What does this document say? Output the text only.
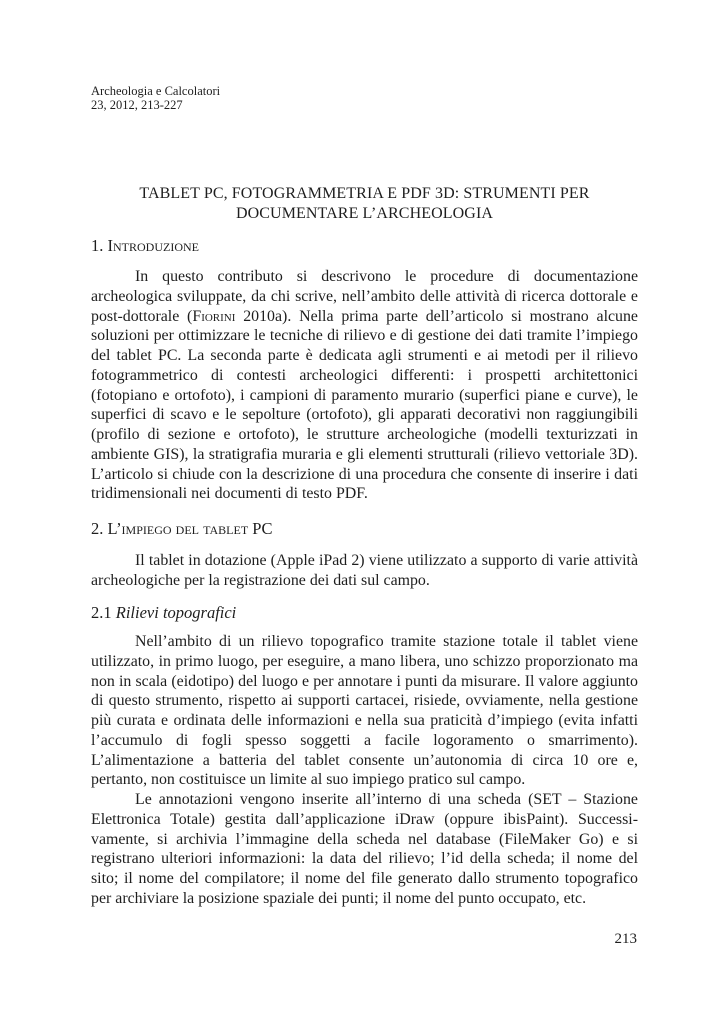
Archeologia e Calcolatori
23, 2012, 213-227
TABLET PC, FOTOGRAMMETRIA E PDF 3D: STRUMENTI PER DOCUMENTARE L’ARCHEOLOGIA
1. Introduzione

In questo contributo si descrivono le procedure di documentazione archeologica sviluppate, da chi scrive, nell’ambito delle attività di ricerca dottorale e post-dottorale (Fiorini 2010a). Nella prima parte dell’articolo si mostrano alcune soluzioni per ottimizzare le tecniche di rilievo e di gestione dei dati tramite l’impiego del tablet PC. La seconda parte è dedicata agli strumenti e ai metodi per il rilievo fotogrammetrico di contesti archeologici differenti: i prospetti architettonici (fotopiano e ortofoto), i campioni di paramento murario (superfici piane e curve), le superfici di scavo e le sepolture (ortofoto), gli apparati decorativi non raggiungibili (profilo di sezione e ortofoto), le strutture archeologiche (modelli texturizzati in ambiente GIS), la stratigrafia muraria e gli elementi strutturali (rilievo vettoriale 3D). L’articolo si chiude con la descrizione di una procedura che consente di inserire i dati tridimensionali nei documenti di testo PDF.

2. L’impiego del tablet PC

Il tablet in dotazione (Apple iPad 2) viene utilizzato a supporto di varie attività archeologiche per la registrazione dei dati sul campo.

2.1 Rilievi topografici

Nell’ambito di un rilievo topografico tramite stazione totale il tablet viene utilizzato, in primo luogo, per eseguire, a mano libera, uno schizzo proporzionato ma non in scala (eidotipo) del luogo e per annotare i punti da misurare. Il valore aggiunto di questo strumento, rispetto ai supporti cartacei, risiede, ovviamente, nella gestione più curata e ordinata delle informazioni e nella sua praticità d’impiego (evita infatti l’accumulo di fogli spesso soggetti a facile logoramento o smarrimento). L’alimentazione a batteria del tablet consente un’autonomia di circa 10 ore e, pertanto, non costituisce un limite al suo impiego pratico sul campo.

Le annotazioni vengono inserite all’interno di una scheda (SET – Stazione Elettronica Totale) gestita dall’applicazione iDraw (oppure ibisPaint). Successivamente, si archivia l’immagine della scheda nel database (FileMaker Go) e si registrano ulteriori informazioni: la data del rilievo; l’id della scheda; il nome del sito; il nome del compilatore; il nome del file generato dallo strumento topografico per archiviare la posizione spaziale dei punti; il nome del punto occupato, etc.

213
